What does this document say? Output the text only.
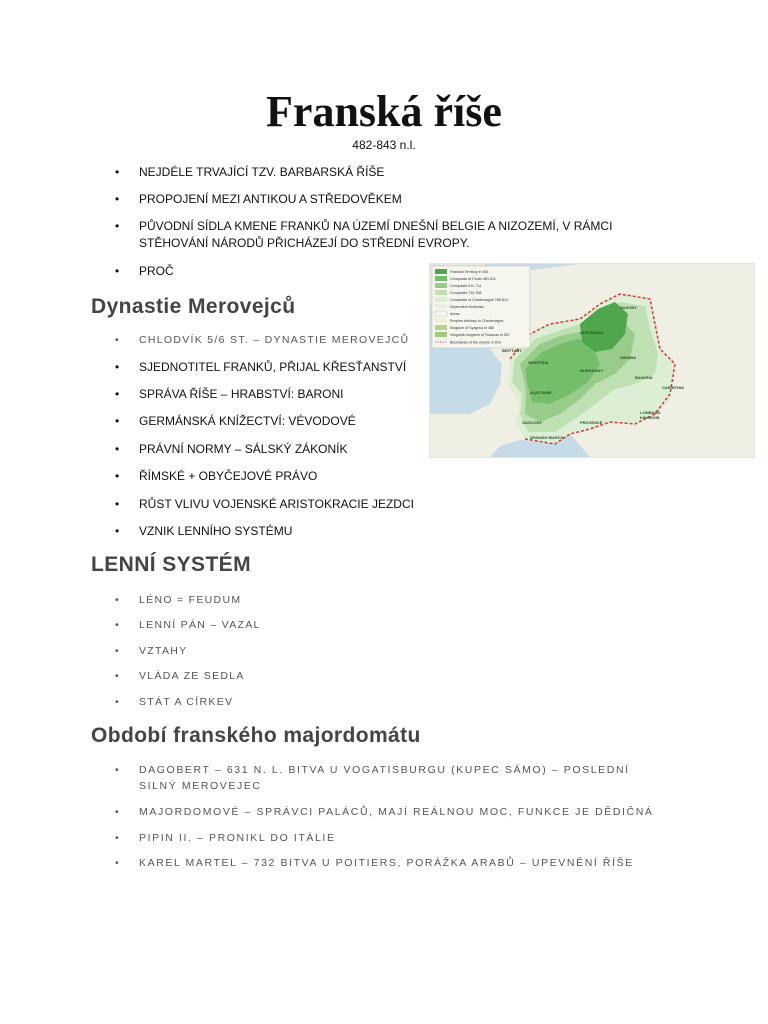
Franská říše
482-843 n.l.
• NEJDÉLE TRVAJÍCÍ TZV. BARBARSKÁ ŘÍŠE
• PROPOJENÍ MEZI ANTIKOU A STŘEDOVĚKEM
• PŮVODNÍ SÍDLA KMENE FRANKŮ NA ÚZEMÍ DNEŠNÍ BELGIE A NIZOZEMÍ, V RÁMCI STĚHOVÁNÍ NÁRODŮ PŘICHÁZEJÍ DO STŘEDNÍ EVROPY.
• PROČ	Frankish Territory in 481
Conquests of Clovis 481-511
Conquests 511-714
Conquests 714-768
Conquests of Charlemagne 768-814
Dependent territories
Areas
Peoples tributary to Charlemagne
Kingdom of Syagrius in 486
Visigothic kingdom of Toulouse in 507
Boundaries of the empire in 814
SAXONY
AUSTRASIA
NEUSTRIA
SWABIA
BURGUNDY
BAVARIA
AQUITAINE
CARINTHIA
GASCONY	PROVENCE
LOMBARD
KINGDOM
SPANISH MARCH
BRITTANY
Dynastie Merovejců
• CHLODVÍK 5/6 ST. – DYNASTIE MEROVEJCŮ
• SJEDNOTITEL FRANKŮ, PŘIJAL KŘESŤANSTVÍ
• SPRÁVA ŘÍŠE – HRABSTVÍ: BARONI
• GERMÁNSKÁ KNÍŽECTVÍ: VÉVODOVÉ
• PRÁVNÍ NORMY – SÁLSKÝ ZÁKONÍK
• ŘÍMSKÉ + OBYČEJOVÉ PRÁVO
• RŮST VLIVU VOJENSKÉ ARISTOKRACIE JEZDCI
• VZNIK LENNÍHO SYSTÉMU
LENNÍ SYSTÉM
• LÉNO = FEUDUM
• LENNÍ PÁN – VAZAL
• VZTAHY
• VLÁDA ZE SEDLA
• STÁT A CÍRKEV
Období franského majordomátu
• DAGOBERT – 631 N. L. BITVA U VOGATISBURGU (KUPEC SÁMO) – POSLEDNÍ SILNÝ MEROVEJEC
• MAJORDOMOVÉ – SPRÁVCI PALÁCŮ, MAJÍ REÁLNOU MOC, FUNKCE JE DĚDIČNÁ
• PIPIN II. – PRONIKL DO ITÁLIE
• KAREL MARTEL – 732 BITVA U POITIERS, PORÁŽKA ARABŮ – UPEVNĚNÍ ŘÍŠE
